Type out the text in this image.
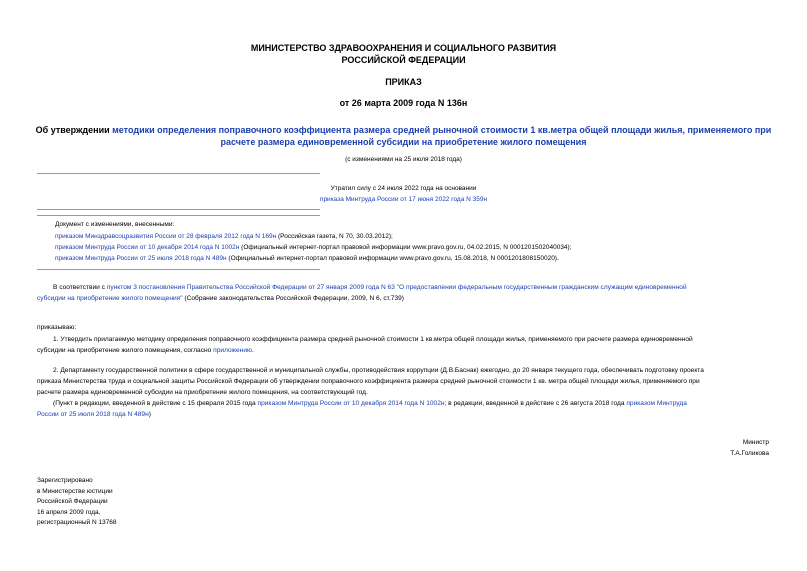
МИНИСТЕРСТВО ЗДРАВООХРАНЕНИЯ И СОЦИАЛЬНОГО РАЗВИТИЯ
РОССИЙСКОЙ ФЕДЕРАЦИИ
ПРИКАЗ
от 26 марта 2009 года N 136н
Об утверждении методики определения поправочного коэффициента размера средней рыночной стоимости 1 кв.метра общей площади жилья, применяемого при
расчете размера единовременной субсидии на приобретение жилого помещения
(с изменениями на 25 июля 2018 года)
Утратил силу с 24 июля 2022 года на основании
приказа Минтруда России от 17 июня 2022 года N 359н
Документ с изменениями, внесенными:
приказом Минздравсоцразвития России от 28 февраля 2012 года N 169н (Российская газета, N 70, 30.03.2012);
приказом Минтруда России от 10 декабря 2014 года N 1002н (Официальный интернет-портал правовой информации www.pravo.gov.ru, 04.02.2015, N 0001201502040034);
приказом Минтруда России от 25 июля 2018 года N 489н (Официальный интернет-портал правовой информации www.pravo.gov.ru, 15.08.2018, N 0001201808150020).
В соответствии с пунктом 3 постановления Правительства Российской Федерации от 27 января 2009 года N 63 "О предоставлении федеральным государственным гражданским служащим единовременной
субсидии на приобретение жилого помещения" (Собрание законодательства Российской Федерации, 2009, N 6, ст.739)
приказываю:
1. Утвердить прилагаемую методику определения поправочного коэффициента размера средней рыночной стоимости 1 кв.метра общей площади жилья, применяемого при расчете размера единовременной
субсидии на приобретение жилого помещения, согласно приложению.
2. Департаменту государственной политики в сфере государственной и муниципальной службы, противодействия коррупции (Д.В.Баснак) ежегодно, до 20 января текущего года, обеспечивать подготовку проекта
приказа Министерства труда и социальной защиты Российской Федерации об утверждении поправочного коэффициента размера средней рыночной стоимости 1 кв. метра общей площади жилья, применяемого при
расчете размера единовременной субсидии на приобретение жилого помещения, на соответствующий год.
(Пункт в редакции, введенной в действие с 15 февраля 2015 года приказом Минтруда России от 10 декабря 2014 года N 1002н; в редакции, введенной в действие с 26 августа 2018 года приказом Минтруда
России от 25 июля 2018 года N 489н)
Министр
Т.А.Голикова
Зарегистрировано
в Министерстве юстиции
Российской Федерации
16 апреля 2009 года,
регистрационный N 13768
